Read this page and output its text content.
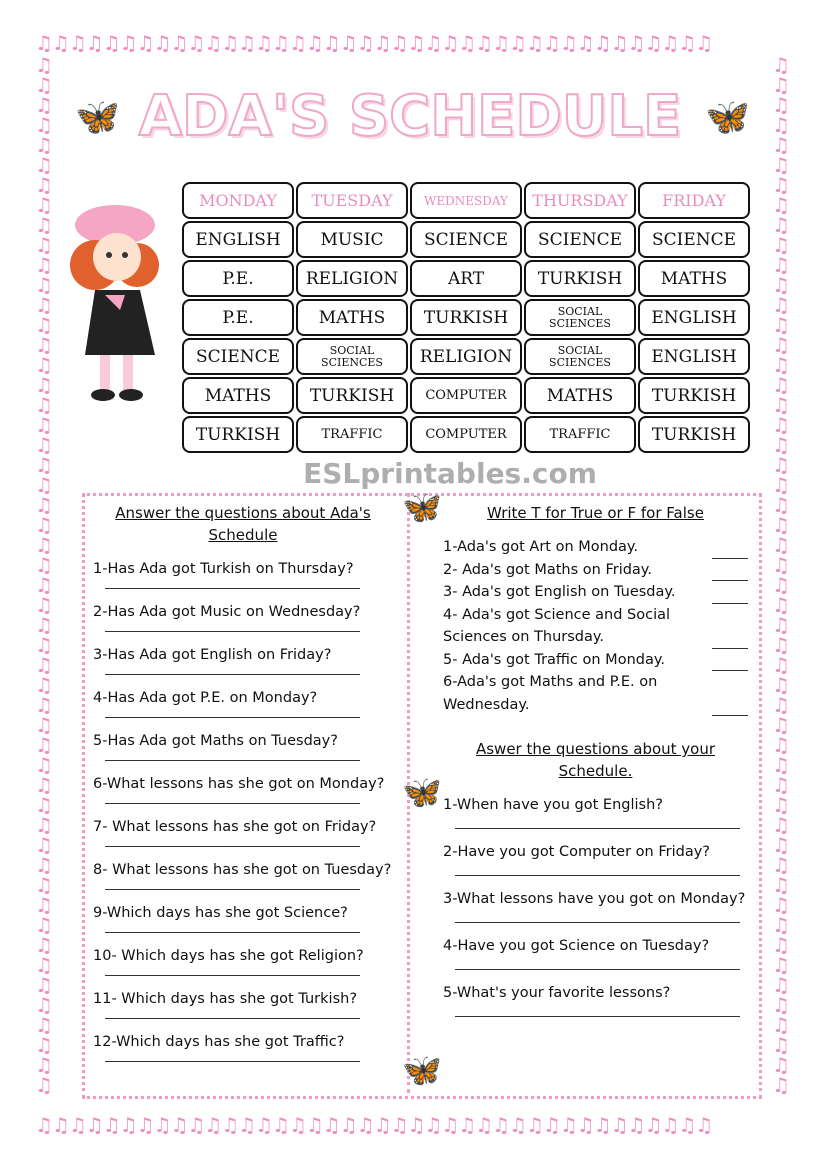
♫♫♫♫♫♫♫♫♫♫♫♫♫♫♫♫♫♫♫♫♫♫♫♫♫♫♫♫♫♫♫♫♫♫♫♫♫♫♫♫
♫♫♫♫♫♫♫♫♫♫♫♫♫♫♫♫♫♫♫♫♫♫♫♫♫♫♫♫♫♫♫♫♫♫♫♫♫♫♫♫
♫♫♫♫♫♫♫♫♫♫♫♫♫♫♫♫♫♫♫♫♫♫♫♫♫♫♫♫♫♫♫♫♫♫♫♫♫♫♫♫♫♫♫♫♫♫♫♫♫♫♫♫
♫♫♫♫♫♫♫♫♫♫♫♫♫♫♫♫♫♫♫♫♫♫♫♫♫♫♫♫♫♫♫♫♫♫♫♫♫♫♫♫♫♫♫♫♫♫♫♫♫♫♫♫
🦋	🦋
ADA'S SCHEDULE
MONDAY	TUESDAY	WEDNESDAY	THURSDAY	FRIDAY
ENGLISH	MUSIC	SCIENCE	SCIENCE	SCIENCE
P.E.	RELIGION	ART	TURKISH	MATHS
P.E.	MATHS	TURKISH	SOCIAL SCIENCES	ENGLISH
SCIENCE	SOCIAL SCIENCES	RELIGION	SOCIAL SCIENCES	ENGLISH
MATHS	TURKISH	COMPUTER	MATHS	TURKISH
TURKISH	TRAFFIC	COMPUTER	TRAFFIC	TURKISH
ESLprintables.com
🦋
🦋
🦋
Answer the questions about Ada's Schedule
1-Has Ada got Turkish on Thursday?
2-Has Ada got Music on Wednesday?
3-Has Ada got English on Friday?
4-Has Ada got P.E. on Monday?
5-Has Ada got Maths on Tuesday?
6-What lessons has she got on Monday?
7- What lessons has she got on Friday?
8- What lessons has she got on Tuesday?
9-Which days has she got Science?
10- Which days has she got Religion?
11- Which days has she got Turkish?
12-Which days has she got Traffic?
Write T for True or F for False
1-Ada's got Art on Monday.
2- Ada's got Maths on Friday.
3- Ada's got English on Tuesday.
4- Ada's got Science and Social Sciences on Thursday.
5- Ada's got Traffic on Monday.
6-Ada's got Maths and P.E. on Wednesday.
Aswer the questions about your Schedule.
1-When have you got English?
2-Have you got Computer on Friday?
3-What lessons have you got on Monday?
4-Have you got Science on Tuesday?
5-What's your favorite lessons?
